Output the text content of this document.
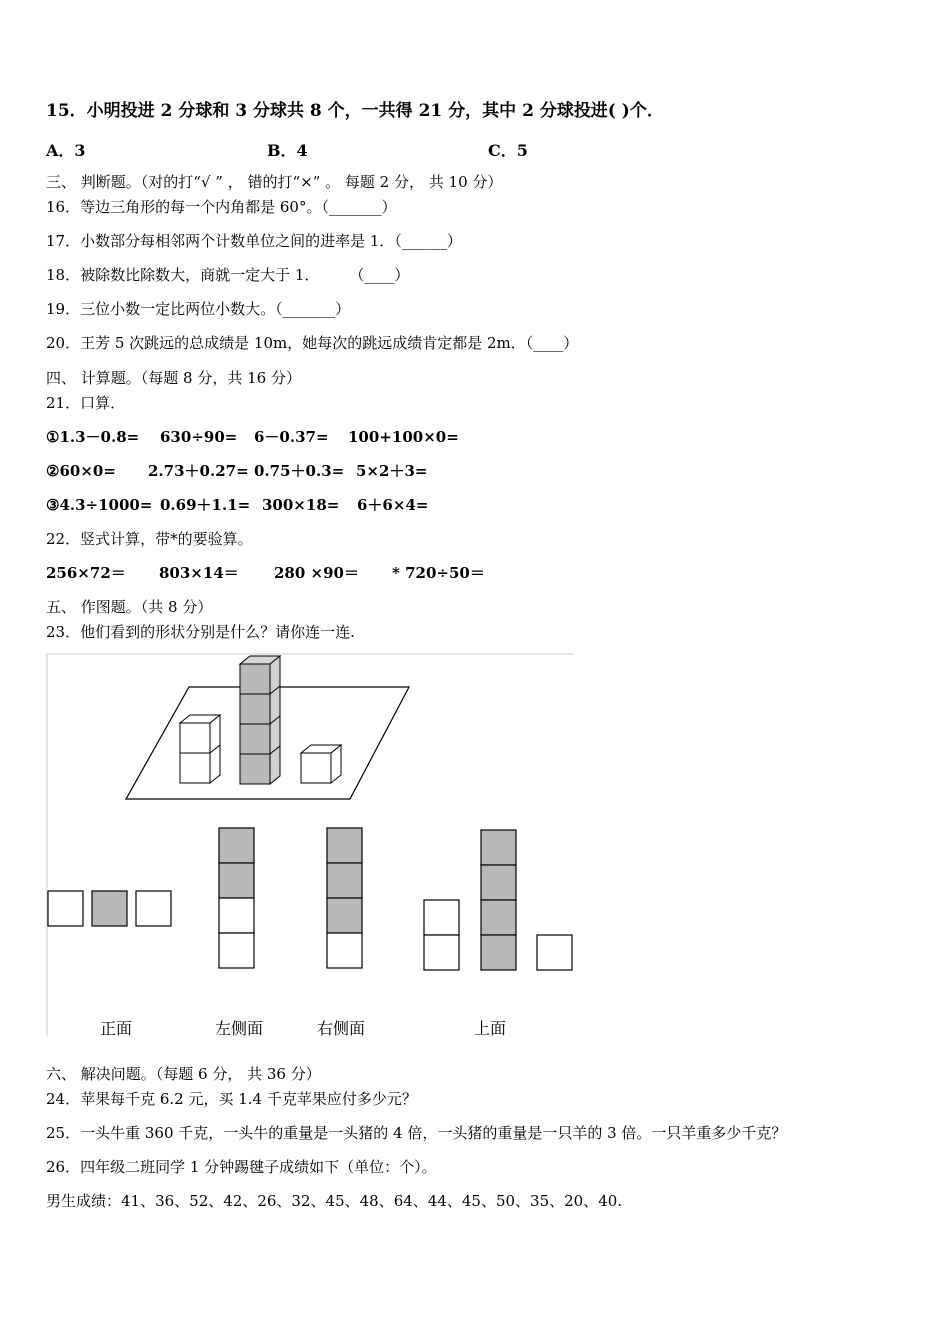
15．小明投进 2 分球和 3 分球共 8 个，一共得 21 分，其中 2 分球投进( )个．
A．3	B．4	C．5
三、 判断题。（对的打“√ ” ， 错的打“×” 。 每题 2 分， 共 10 分）
16．等边三角形的每一个内角都是 60°。（_______）
17．小数部分每相邻两个计数单位之间的进率是 1．（______）
18．被除数比除数大，商就一定大于 1．　　　（____）
19．三位小数一定比两位小数大。（_______）
20．王芳 5 次跳远的总成绩是 10m，她每次的跳远成绩肯定都是 2m．（____）
四、 计算题。（每题 8 分，共 16 分）
21．口算．
①1.3－0.8= 630÷90= 6－0.37= 100+100×0=
②60×0= 2.73＋0.27= 0.75＋0.3= 5×2＋3=
③4.3÷1000= 0.69＋1.1= 300×18= 6＋6×4=
22．竖式计算，带*的要验算。
256×72＝ 803×14＝ 280 ×90＝ * 720÷50＝
五、 作图题。（共 8 分）
23．他们看到的形状分别是什么？请你连一连.
正面	左侧面	右侧面	上面
六、 解决问题。（每题 6 分， 共 36 分）
24．苹果每千克 6.2 元，买 1.4 千克苹果应付多少元？
25．一头牛重 360 千克，一头牛的重量是一头猪的 4 倍，一头猪的重量是一只羊的 3 倍。一只羊重多少千克？
26．四年级二班同学 1 分钟踢毽子成绩如下（单位：个）。
男生成绩：41、36、52、42、26、32、45、48、64、44、45、50、35、20、40.
